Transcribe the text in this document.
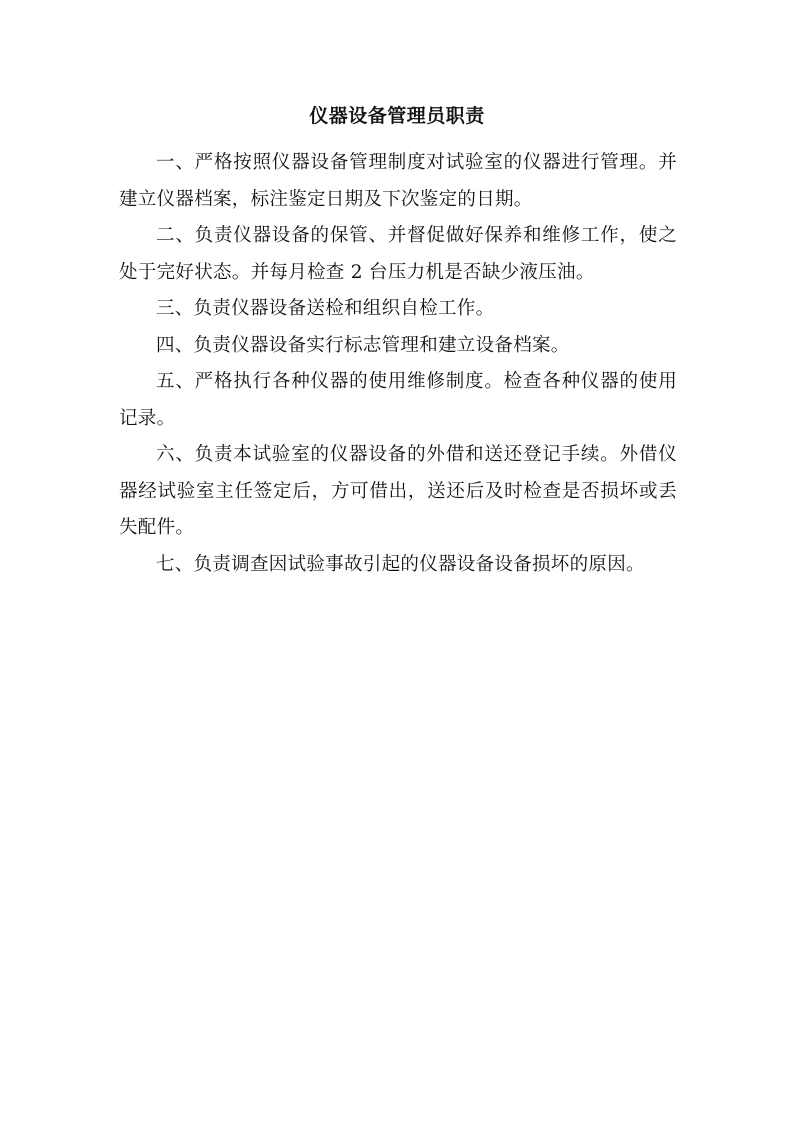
仪器设备管理员职责

一、严格按照仪器设备管理制度对试验室的仪器进行管理。并建立仪器档案，标注鉴定日期及下次鉴定的日期。

二、负责仪器设备的保管、并督促做好保养和维修工作，使之处于完好状态。并每月检查 2 台压力机是否缺少液压油。

三、负责仪器设备送检和组织自检工作。

四、负责仪器设备实行标志管理和建立设备档案。

五、严格执行各种仪器的使用维修制度。检查各种仪器的使用记录。

六、负责本试验室的仪器设备的外借和送还登记手续。外借仪器经试验室主任签定后，方可借出，送还后及时检查是否损坏或丢失配件。

七、负责调查因试验事故引起的仪器设备设备损坏的原因。
